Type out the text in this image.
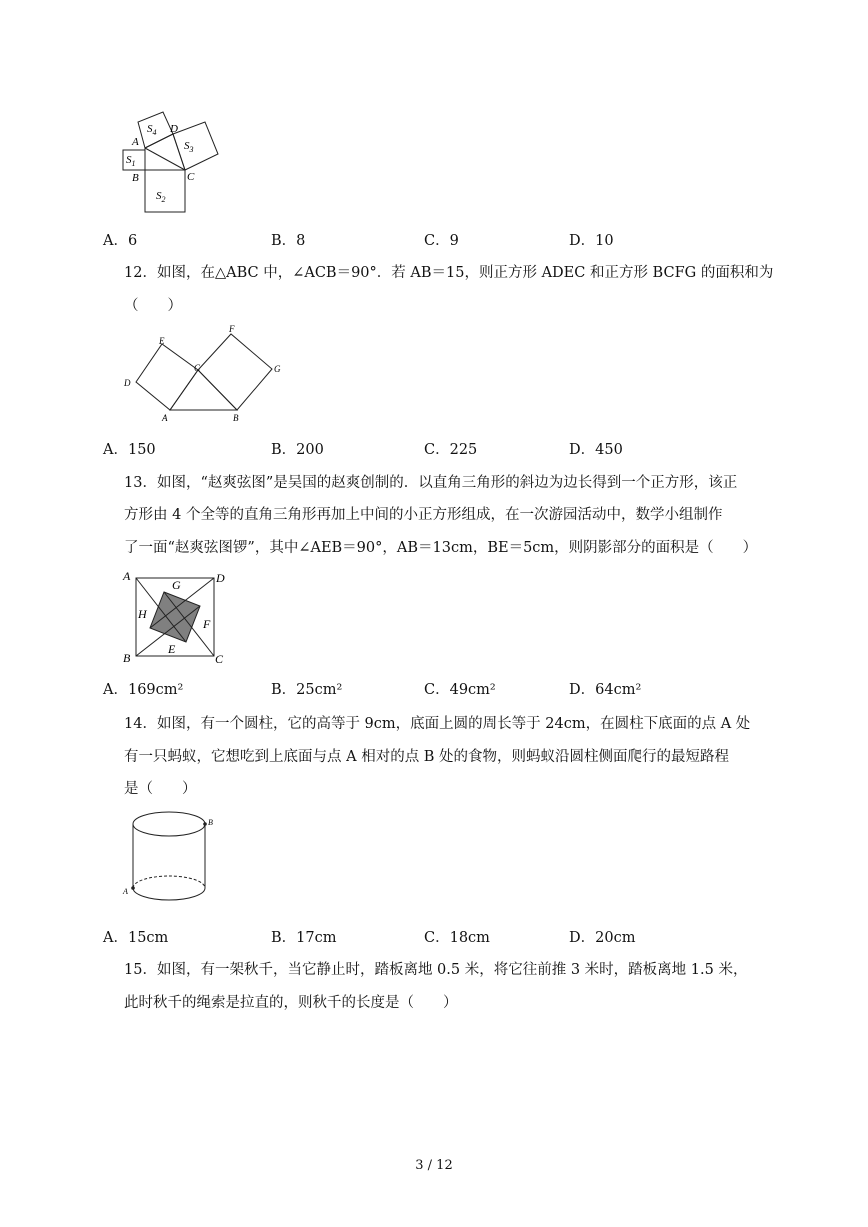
$S_4$
$S_3$
$S_1$
$S_2$
A
B	C
D
A．6	B．8	C．9	D．10
12．如图，在△ABC 中，∠ACB＝90°．若 AB＝15，则正方形 ADEC 和正方形 BCFG 的面积和为
（　　）
E
F
C	G
D
A	B
A．150	B．200	C．225	D．450
13．如图，“赵爽弦图”是吴国的赵爽创制的．以直角三角形的斜边为边长得到一个正方形，该正
方形由 4 个全等的直角三角形再加上中间的小正方形组成，在一次游园活动中，数学小组制作
了一面“赵爽弦图锣”，其中∠AEB＝90°，AB＝13cm，BE＝5cm，则阴影部分的面积是（　　）
A
G	D
H
F
B
E
C
A．169cm²	B．25cm²	C．49cm²	D．64cm²
14．如图，有一个圆柱，它的高等于 9cm，底面上圆的周长等于 24cm，在圆柱下底面的点 A 处
有一只蚂蚁，它想吃到上底面与点 A 相对的点 B 处的食物，则蚂蚁沿圆柱侧面爬行的最短路程
是（　　）
B
A
A．15cm	B．17cm	C．18cm	D．20cm
15．如图，有一架秋千，当它静止时，踏板离地 0.5 米，将它往前推 3 米时，踏板离地 1.5 米，
此时秋千的绳索是拉直的，则秋千的长度是（　　）
3 / 12
